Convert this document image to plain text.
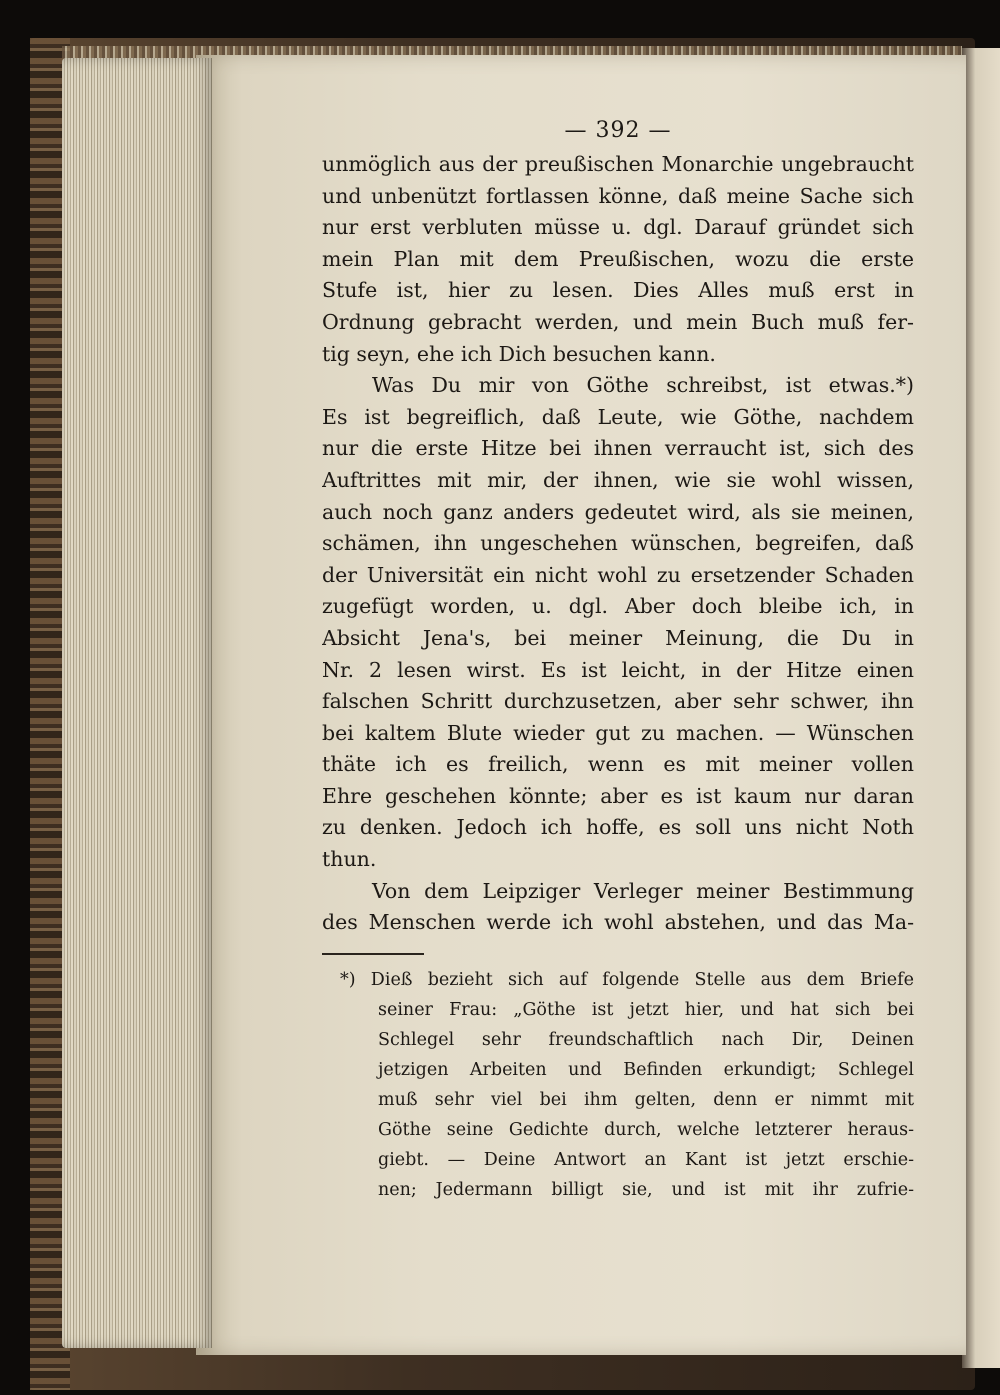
— 392 —
unmöglich aus der preußischen Monarchie ungebraucht
und unbenützt fortlassen könne, daß meine Sache sich
nur erst verbluten müsse u. dgl. Darauf gründet sich
mein Plan mit dem Preußischen, wozu die erste
Stufe ist, hier zu lesen. Dies Alles muß erst in
Ordnung gebracht werden, und mein Buch muß fer-
tig seyn, ehe ich Dich besuchen kann.
Was Du mir von Göthe schreibst, ist etwas.*)
Es ist begreiflich, daß Leute, wie Göthe, nachdem
nur die erste Hitze bei ihnen verraucht ist, sich des
Auftrittes mit mir, der ihnen, wie sie wohl wissen,
auch noch ganz anders gedeutet wird, als sie meinen,
schämen, ihn ungeschehen wünschen, begreifen, daß
der Universität ein nicht wohl zu ersetzender Schaden
zugefügt worden, u. dgl. Aber doch bleibe ich, in
Absicht Jena's, bei meiner Meinung, die Du in
Nr. 2 lesen wirst. Es ist leicht, in der Hitze einen
falschen Schritt durchzusetzen, aber sehr schwer, ihn
bei kaltem Blute wieder gut zu machen. — Wünschen
thäte ich es freilich, wenn es mit meiner vollen
Ehre geschehen könnte; aber es ist kaum nur daran
zu denken. Jedoch ich hoffe, es soll uns nicht Noth
thun.
Von dem Leipziger Verleger meiner Bestimmung
des Menschen werde ich wohl abstehen, und das Ma-
*) Dieß bezieht sich auf folgende Stelle aus dem Briefe
seiner Frau: „Göthe ist jetzt hier, und hat sich bei
Schlegel sehr freundschaftlich nach Dir, Deinen
jetzigen Arbeiten und Befinden erkundigt; Schlegel
muß sehr viel bei ihm gelten, denn er nimmt mit
Göthe seine Gedichte durch, welche letzterer heraus-
giebt. — Deine Antwort an Kant ist jetzt erschie-
nen; Jedermann billigt sie, und ist mit ihr zufrie-
